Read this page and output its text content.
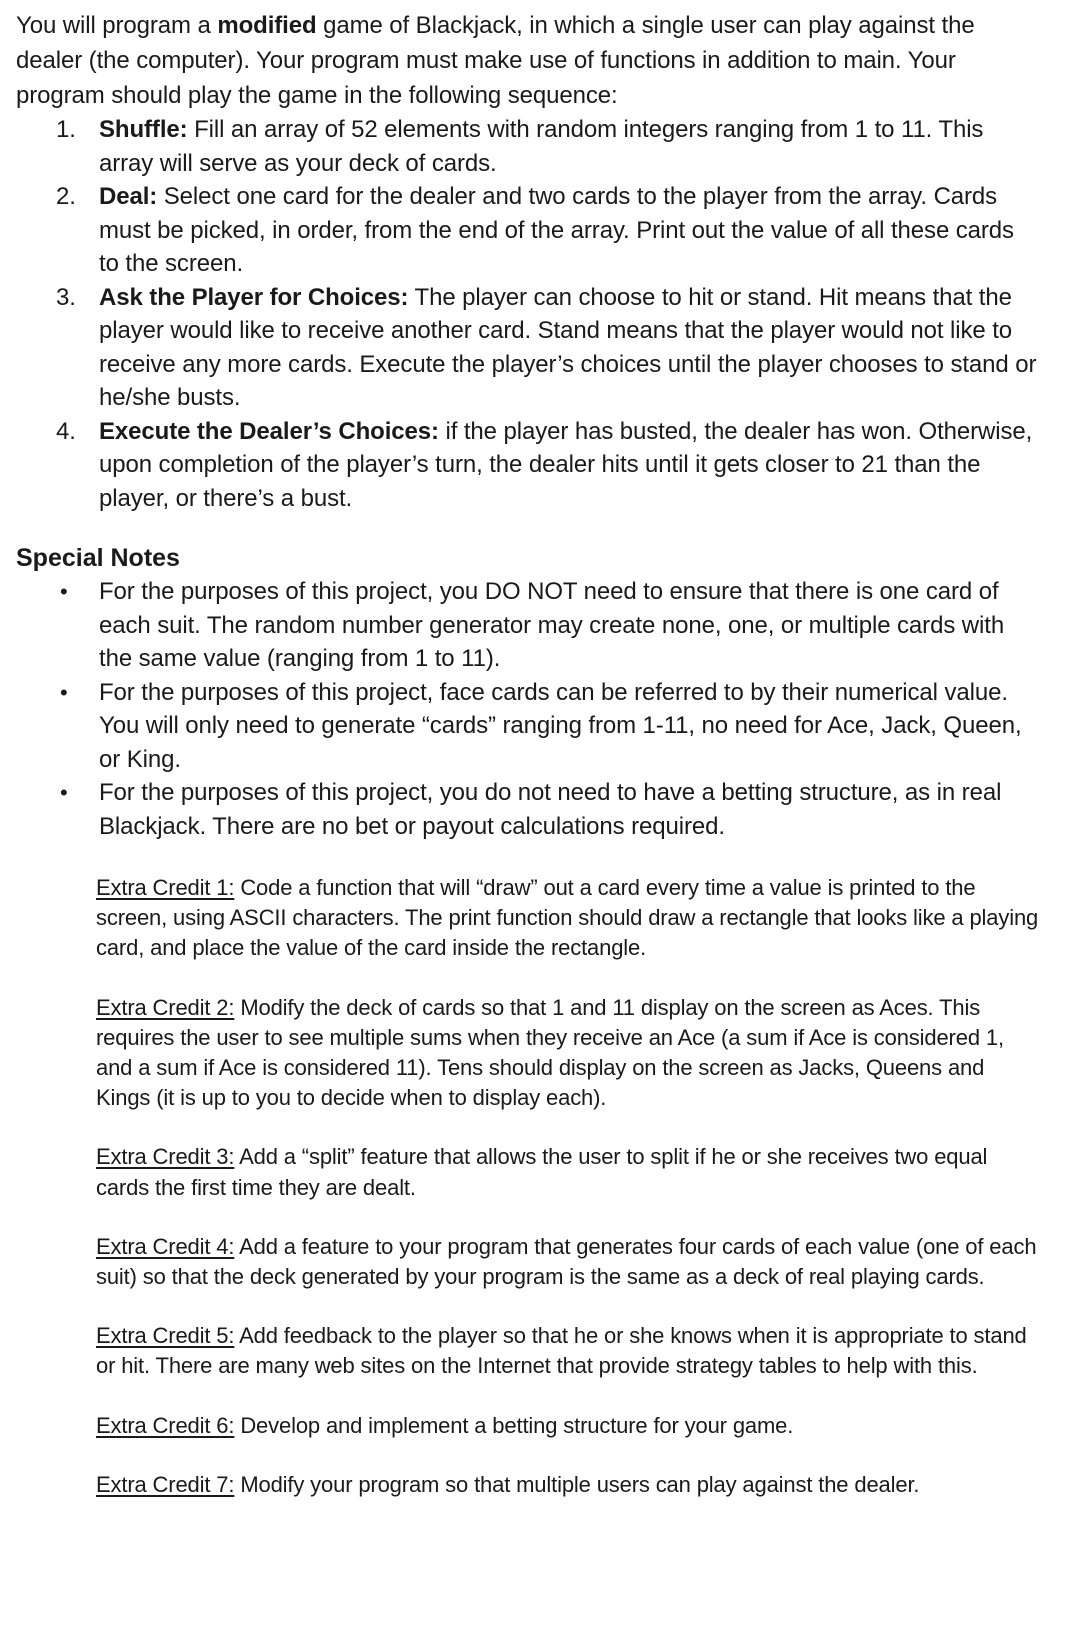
You will program a modified game of Blackjack, in which a single user can play against the dealer (the computer). Your program must make use of functions in addition to main. Your program should play the game in the following sequence:

1. Shuffle: Fill an array of 52 elements with random integers ranging from 1 to 11. This array will serve as your deck of cards.
2. Deal: Select one card for the dealer and two cards to the player from the array. Cards must be picked, in order, from the end of the array. Print out the value of all these cards to the screen.
3. Ask the Player for Choices: The player can choose to hit or stand. Hit means that the player would like to receive another card. Stand means that the player would not like to receive any more cards. Execute the player’s choices until the player chooses to stand or he/she busts.
4. Execute the Dealer’s Choices: if the player has busted, the dealer has won. Otherwise, upon completion of the player’s turn, the dealer hits until it gets closer to 21 than the player, or there’s a bust.
Special Notes
• For the purposes of this project, you DO NOT need to ensure that there is one card of each suit. The random number generator may create none, one, or multiple cards with the same value (ranging from 1 to 11).
• For the purposes of this project, face cards can be referred to by their numerical value. You will only need to generate “cards” ranging from 1-11, no need for Ace, Jack, Queen, or King.
• For the purposes of this project, you do not need to have a betting structure, as in real Blackjack. There are no bet or payout calculations required.

Extra Credit 1: Code a function that will “draw” out a card every time a value is printed to the screen, using ASCII characters. The print function should draw a rectangle that looks like a playing card, and place the value of the card inside the rectangle.

Extra Credit 2: Modify the deck of cards so that 1 and 11 display on the screen as Aces. This requires the user to see multiple sums when they receive an Ace (a sum if Ace is considered 1, and a sum if Ace is considered 11). Tens should display on the screen as Jacks, Queens and Kings (it is up to you to decide when to display each).

Extra Credit 3: Add a “split” feature that allows the user to split if he or she receives two equal cards the first time they are dealt.

Extra Credit 4: Add a feature to your program that generates four cards of each value (one of each suit) so that the deck generated by your program is the same as a deck of real playing cards.

Extra Credit 5: Add feedback to the player so that he or she knows when it is appropriate to stand or hit. There are many web sites on the Internet that provide strategy tables to help with this.

Extra Credit 6: Develop and implement a betting structure for your game.

Extra Credit 7: Modify your program so that multiple users can play against the dealer.
